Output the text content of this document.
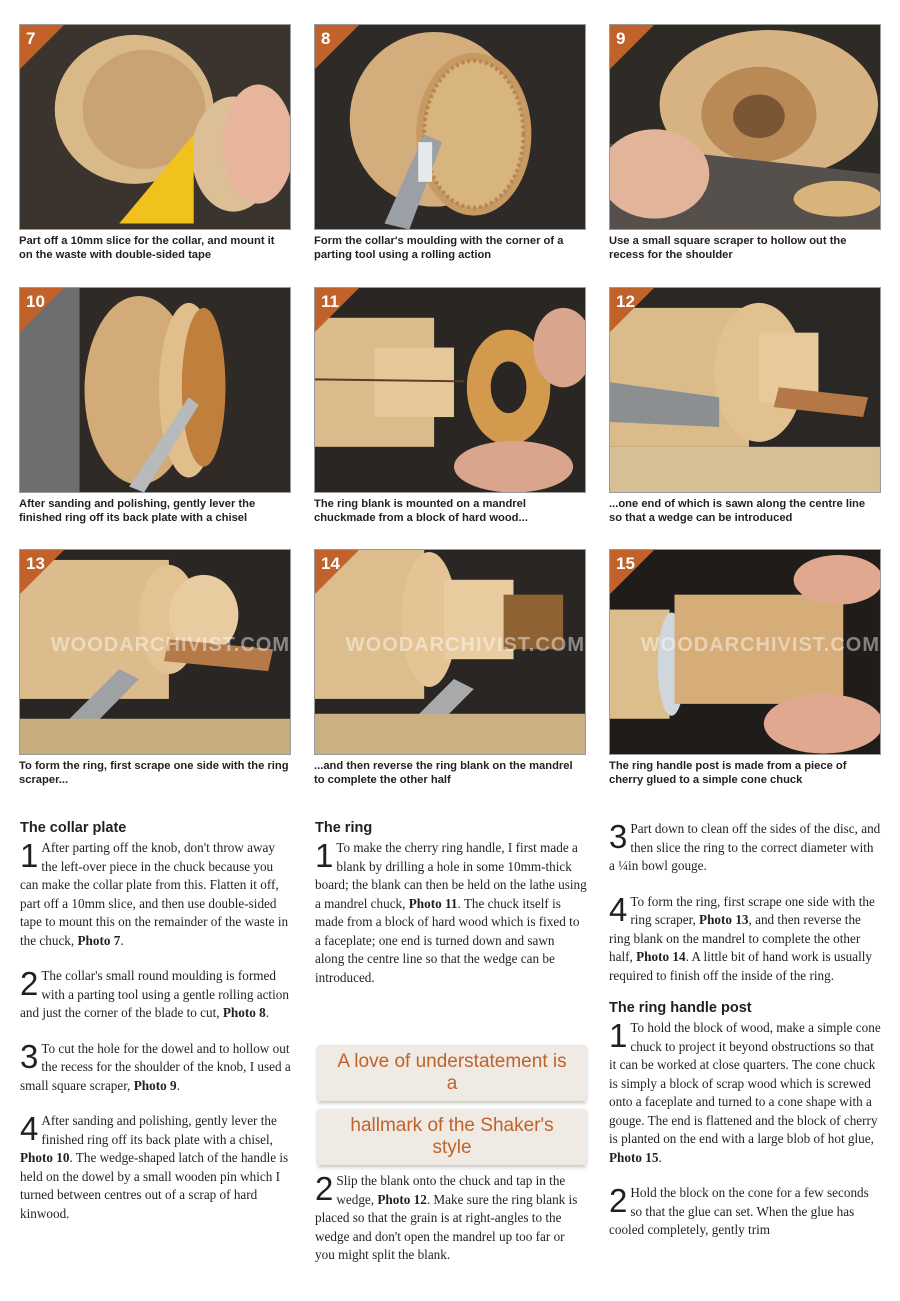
7
Part off a 10mm slice for the collar, and mount it on the waste with double-sided tape
8
Form the collar's moulding with the corner of a parting tool using a rolling action
9
Use a small square scraper to hollow out the recess for the shoulder
10
After sanding and polishing, gently lever the finished ring off its back plate with a chisel
11
The ring blank is mounted on a mandrel chuckmade from a block of hard wood...
12
...one end of which is sawn along the centre line so that a wedge can be introduced
13
WOODARCHIVIST.COM
To form the ring, first scrape one side with the ring scraper...
14
WOODARCHIVIST.COM
...and then reverse the ring blank on the mandrel to complete the other half
15
WOODARCHIVIST.COM
The ring handle post is made from a piece of cherry glued to a simple cone chuck
The collar plate

1 After parting off the knob, don't throw away the left-over piece in the chuck because you can make the collar plate from this. Flatten it off, part off a 10mm slice, and then use double-sided tape to mount this on the remainder of the waste in the chuck, Photo 7.

2 The collar's small round moulding is formed with a parting tool using a gentle rolling action and just the corner of the blade to cut, Photo 8.

3 To cut the hole for the dowel and to hollow out the recess for the shoulder of the knob, I used a small square scraper, Photo 9.

4 After sanding and polishing, gently lever the finished ring off its back plate with a chisel, Photo 10. The wedge-shaped latch of the handle is held on the dowel by a small wooden pin which I turned between centres out of a scrap of hard kinwood.

The ring

1 To make the cherry ring handle, I first made a blank by drilling a hole in some 10mm-thick board; the blank can then be held on the lathe using a mandrel chuck, Photo 11. The chuck itself is made from a block of hard wood which is fixed to a faceplate; one end is turned down and sawn along the centre line so that the wedge can be introduced.

A love of understatement is a
hallmark of the Shaker's style

2 Slip the blank onto the chuck and tap in the wedge, Photo 12. Make sure the ring blank is placed so that the grain is at right-angles to the wedge and don't open the mandrel up too far or you might split the blank.

3 Part down to clean off the sides of the disc, and then slice the ring to the correct diameter with a ¼in bowl gouge.

4 To form the ring, first scrape one side with the ring scraper, Photo 13, and then reverse the ring blank on the mandrel to complete the other half, Photo 14. A little bit of hand work is usually required to finish off the inside of the ring.

The ring handle post

1 To hold the block of wood, make a simple cone chuck to project it beyond obstructions so that it can be worked at close quarters. The cone chuck is simply a block of scrap wood which is screwed onto a faceplate and turned to a cone shape with a gouge. The end is flattened and the block of cherry is planted on the end with a large blob of hot glue, Photo 15.

2 Hold the block on the cone for a few seconds so that the glue can set. When the glue has cooled completely, gently trim
